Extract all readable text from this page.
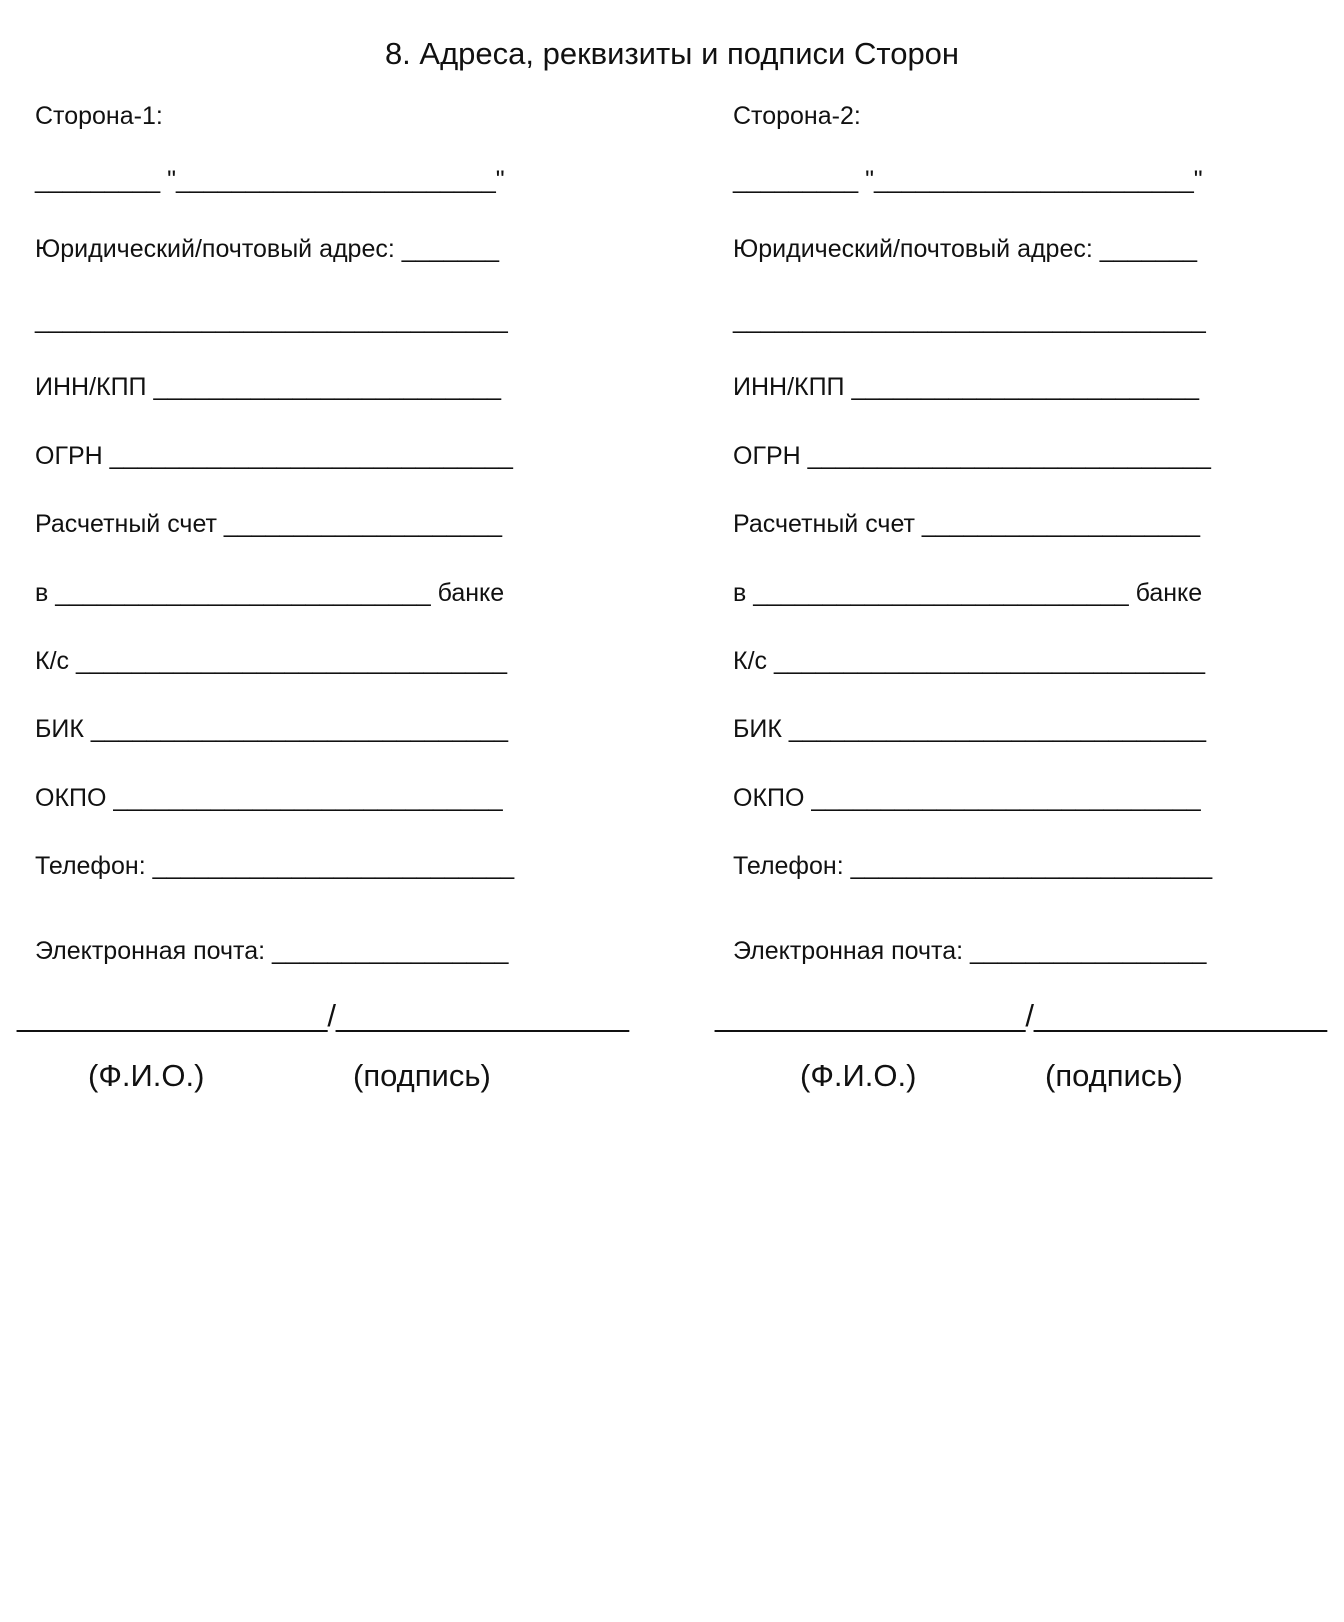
8. Адреса, реквизиты и подписи Сторон
Сторона-1:
_________ "_______________________"
Юридический/почтовый адрес: _______
__________________________________
ИНН/КПП _________________________
ОГРН _____________________________
Расчетный счет ____________________
в ___________________________ банке
К/с _______________________________
БИК ______________________________
ОКПО ____________________________
Телефон: __________________________
Электронная почта: _________________
__________________/_________________
(Ф.И.О.)	(подпись)
Сторона-2:
_________ "_______________________"
Юридический/почтовый адрес: _______
__________________________________
ИНН/КПП _________________________
ОГРН _____________________________
Расчетный счет ____________________
в ___________________________ банке
К/с _______________________________
БИК ______________________________
ОКПО ____________________________
Телефон: __________________________
Электронная почта: _________________
__________________/_________________
(Ф.И.О.)	(подпись)
